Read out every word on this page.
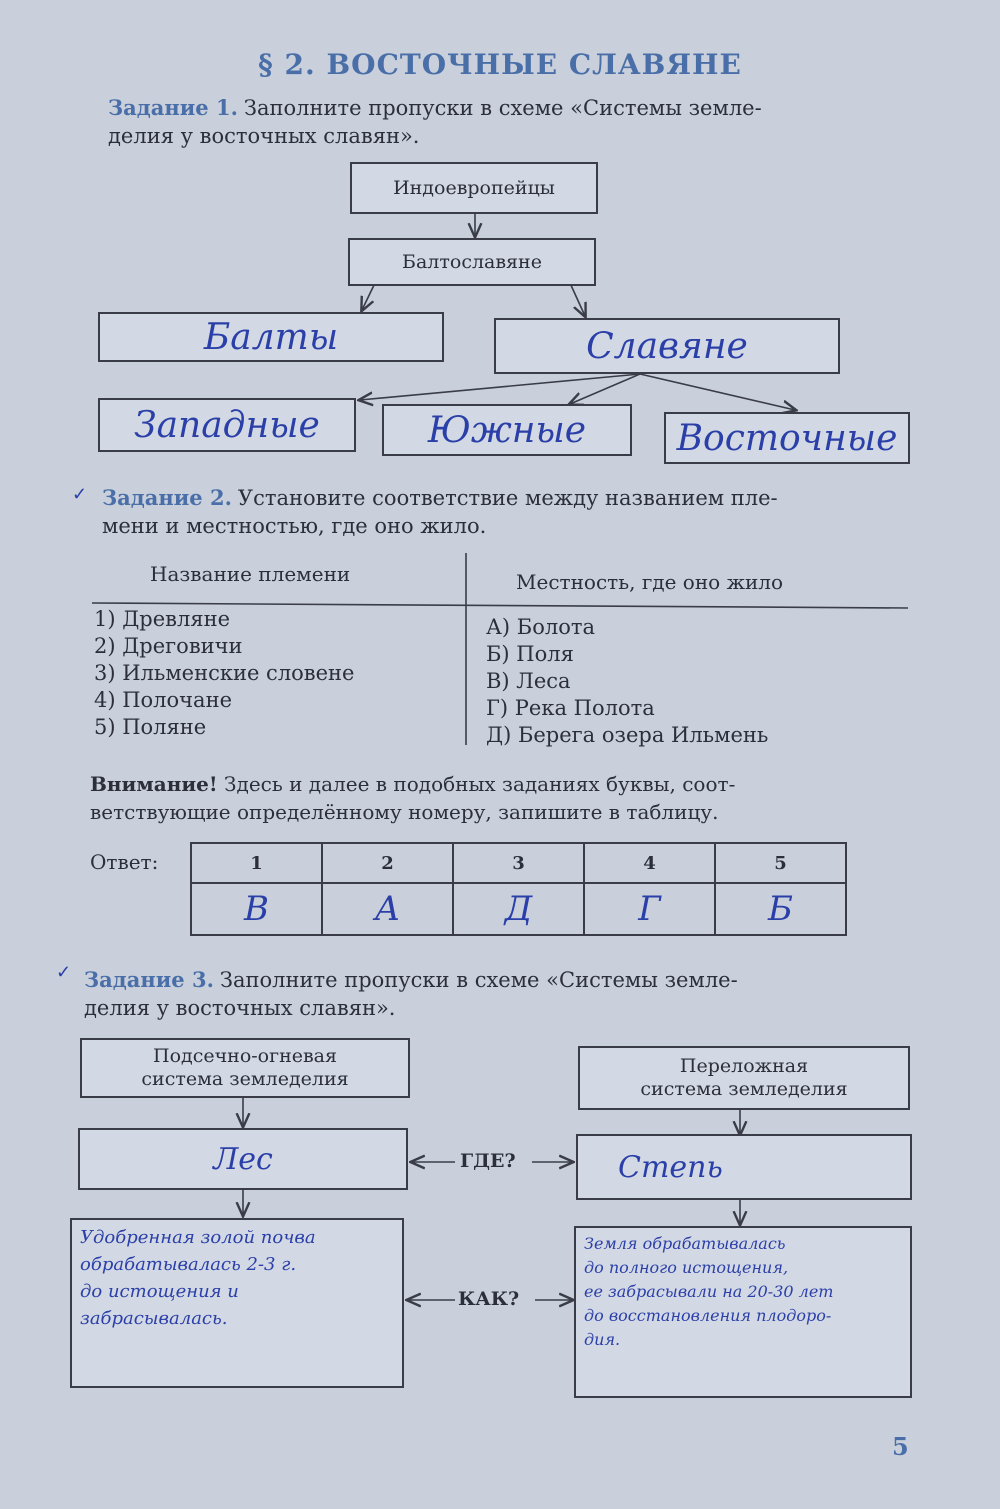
§ 2. ВОСТОЧНЫЕ СЛАВЯНЕ
Задание 1. Заполните пропуски в схеме «Системы земле-
делия у восточных славян».
Индоевропейцы
Балтославяне
Балты	Славяне
Западные	Южные	Восточные
✓ Задание 2. Установите соответствие между названием пле-
мени и местностью, где оно жило.
Название племени	Местность, где оно жило
1) Древляне
2) Дреговичи
3) Ильменские словене
4) Полочане
5) Поляне
А) Болота
Б) Поля
В) Леса
Г) Река Полота
Д) Берега озера Ильмень
Внимание! Здесь и далее в подобных заданиях буквы, соот-
ветствующие определённому номеру, запишите в таблицу.
Ответ:	1	2	3	4	5
В	А	Д	Г	Б
✓ Задание 3. Заполните пропуски в схеме «Системы земле-
делия у восточных славян».
Подсечно-огневая
система земледелия
Переложная
система земледелия
Лес	Степь
ГДЕ?
КАК?
Удобренная золой почва
обрабатывалась 2-3 г.
до истощения и
забрасывалась.
Земля обрабатывалась
до полного истощения,
ее забрасывали на 20-30 лет
до восстановления плодоро-
дия.
5
